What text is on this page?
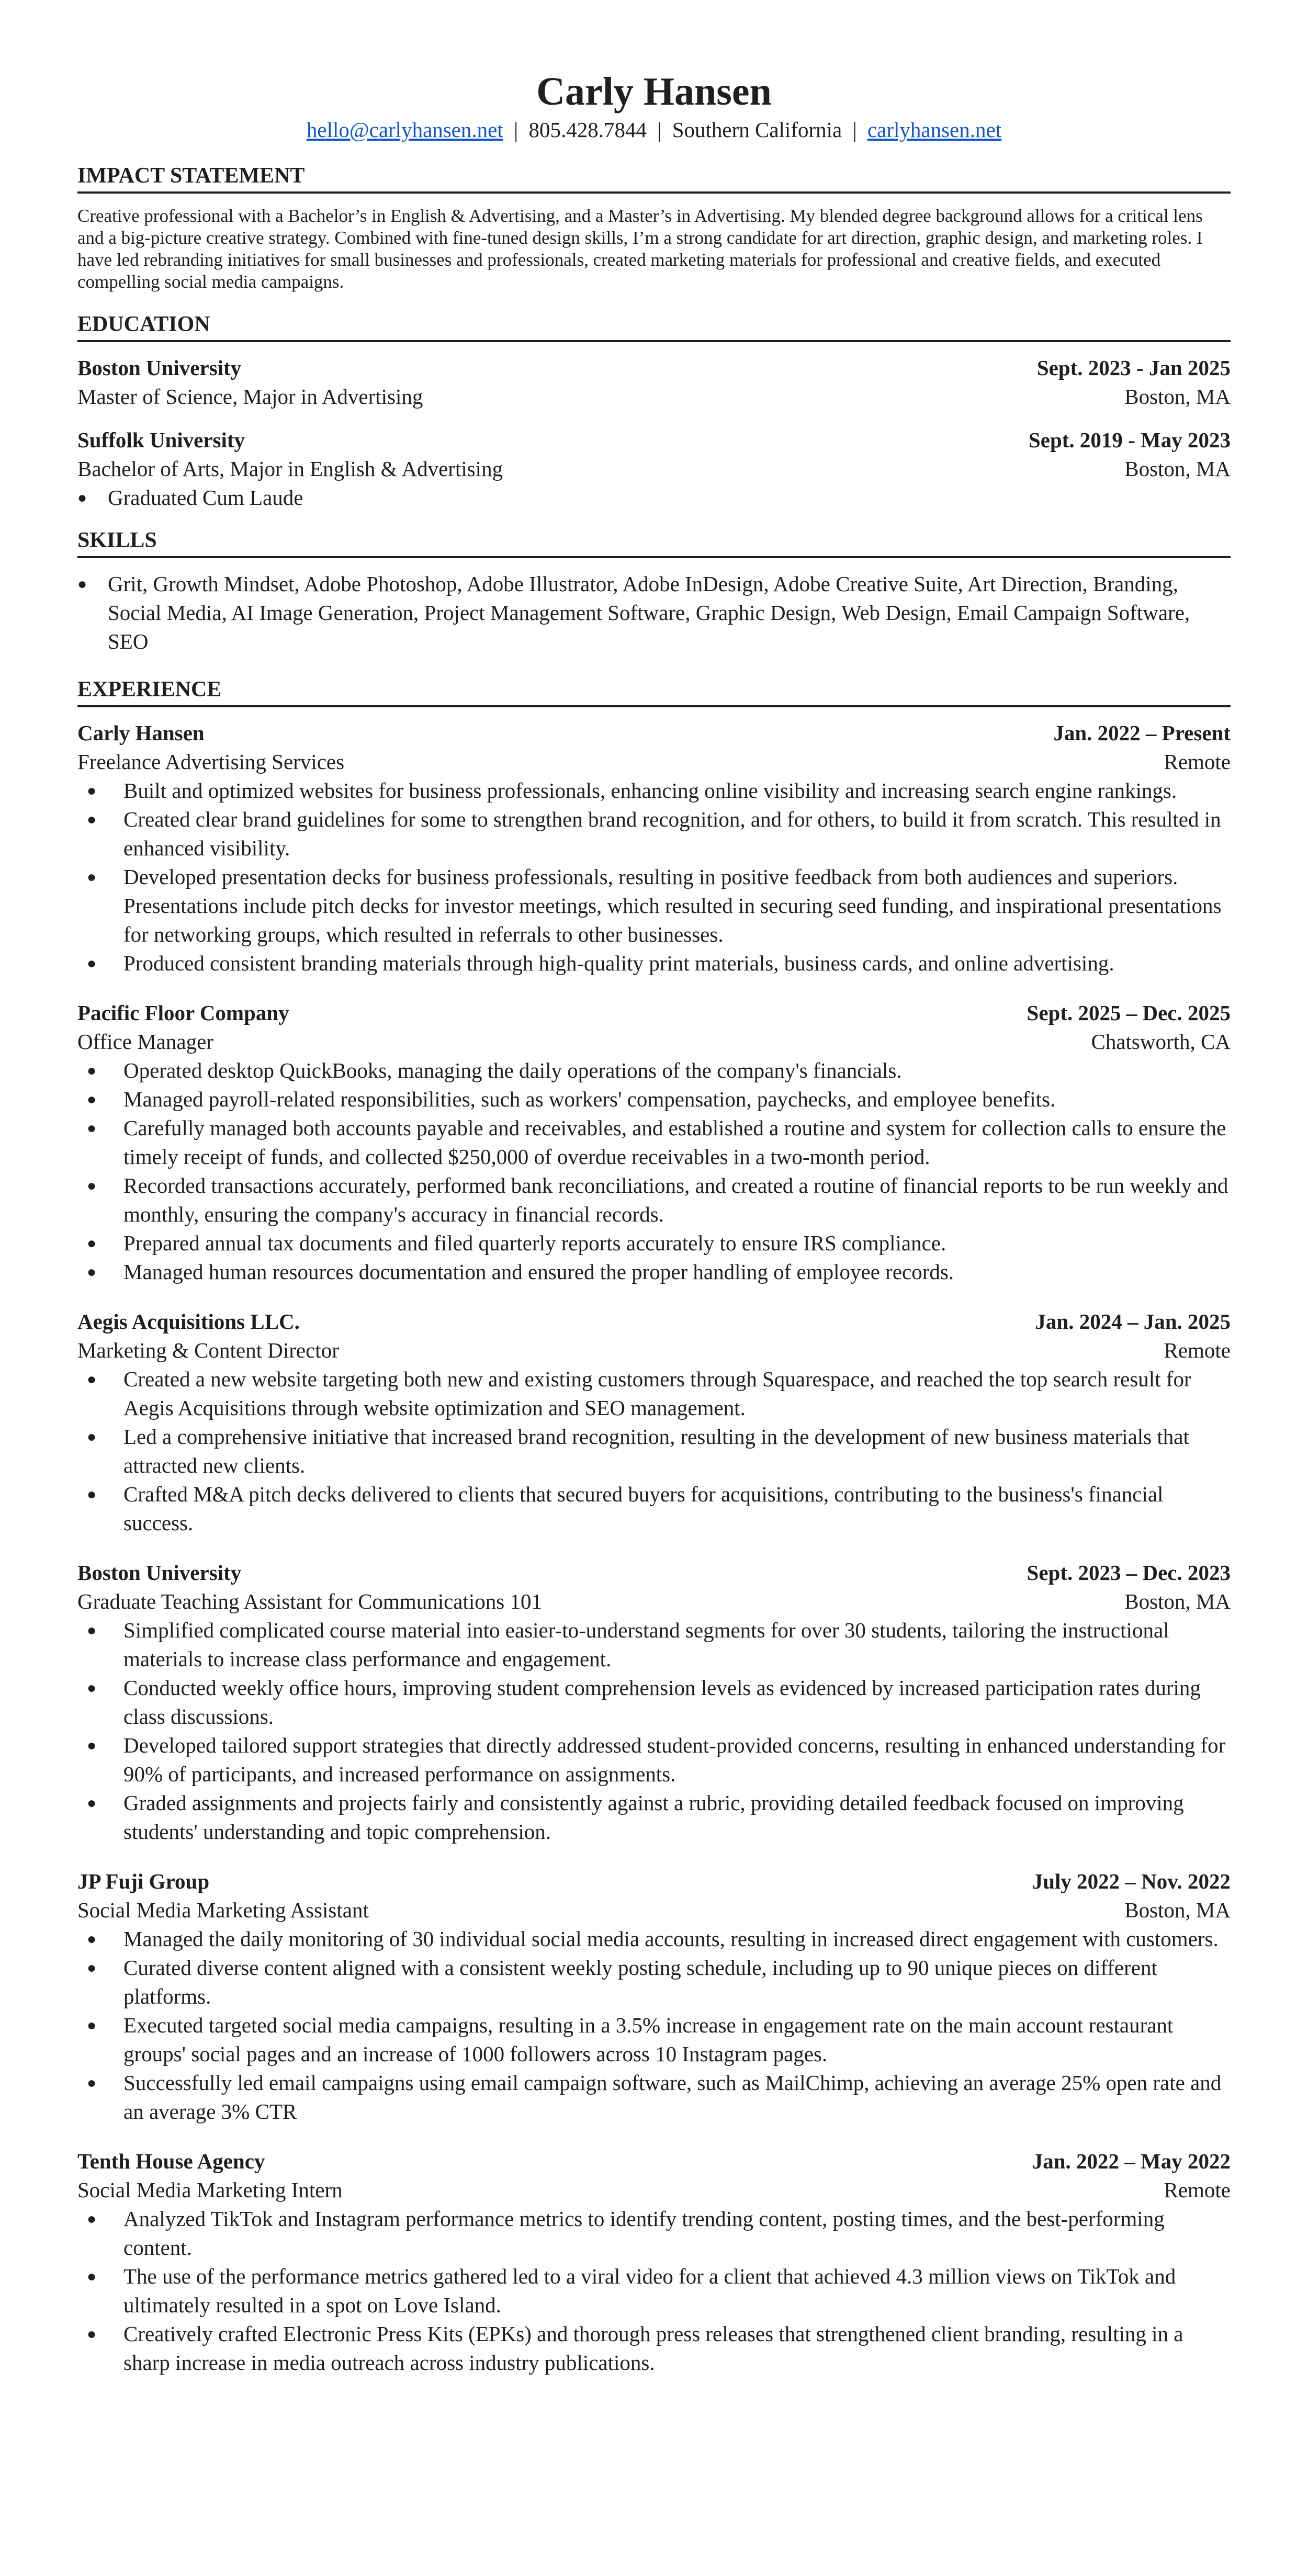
Carly Hansen
hello@carlyhansen.net | 805.428.7844 | Southern California | carlyhansen.net
IMPACT STATEMENT

Creative professional with a Bachelor’s in English & Advertising, and a Master’s in Advertising. My blended degree background allows for a critical lens and a big-picture creative strategy. Combined with fine-tuned design skills, I’m a strong candidate for art direction, graphic design, and marketing roles. I have led rebranding initiatives for small businesses and professionals, created marketing materials for professional and creative fields, and executed compelling social media campaigns.

EDUCATION
Boston University	Sept. 2023 - Jan 2025
Master of Science, Major in Advertising	Boston, MA
Suffolk University	Sept. 2019 - May 2023
Bachelor of Arts, Major in English & Advertising	Boston, MA
● Graduated Cum Laude
SKILLS
● Grit, Growth Mindset, Adobe Photoshop, Adobe Illustrator, Adobe InDesign, Adobe Creative Suite, Art Direction, Branding, Social Media, AI Image Generation, Project Management Software, Graphic Design, Web Design, Email Campaign Software, SEO
EXPERIENCE
Carly Hansen	Jan. 2022 – Present
Freelance Advertising Services	Remote
● Built and optimized websites for business professionals, enhancing online visibility and increasing search engine rankings.
● Created clear brand guidelines for some to strengthen brand recognition, and for others, to build it from scratch. This resulted in enhanced visibility.
● Developed presentation decks for business professionals, resulting in positive feedback from both audiences and superiors. Presentations include pitch decks for investor meetings, which resulted in securing seed funding, and inspirational presentations for networking groups, which resulted in referrals to other businesses.
● Produced consistent branding materials through high-quality print materials, business cards, and online advertising.
Pacific Floor Company	Sept. 2025 – Dec. 2025
Office Manager	Chatsworth, CA
● Operated desktop QuickBooks, managing the daily operations of the company's financials.
● Managed payroll-related responsibilities, such as workers' compensation, paychecks, and employee benefits.
● Carefully managed both accounts payable and receivables, and established a routine and system for collection calls to ensure the timely receipt of funds, and collected $250,000 of overdue receivables in a two-month period.
● Recorded transactions accurately, performed bank reconciliations, and created a routine of financial reports to be run weekly and monthly, ensuring the company's accuracy in financial records.
● Prepared annual tax documents and filed quarterly reports accurately to ensure IRS compliance.
● Managed human resources documentation and ensured the proper handling of employee records.
Aegis Acquisitions LLC.	Jan. 2024 – Jan. 2025
Marketing & Content Director	Remote
● Created a new website targeting both new and existing customers through Squarespace, and reached the top search result for Aegis Acquisitions through website optimization and SEO management.
● Led a comprehensive initiative that increased brand recognition, resulting in the development of new business materials that attracted new clients.
● Crafted M&A pitch decks delivered to clients that secured buyers for acquisitions, contributing to the business's financial success.
Boston University	Sept. 2023 – Dec. 2023
Graduate Teaching Assistant for Communications 101	Boston, MA
● Simplified complicated course material into easier-to-understand segments for over 30 students, tailoring the instructional materials to increase class performance and engagement.
● Conducted weekly office hours, improving student comprehension levels as evidenced by increased participation rates during class discussions.
● Developed tailored support strategies that directly addressed student-provided concerns, resulting in enhanced understanding for 90% of participants, and increased performance on assignments.
● Graded assignments and projects fairly and consistently against a rubric, providing detailed feedback focused on improving students' understanding and topic comprehension.
JP Fuji Group	July 2022 – Nov. 2022
Social Media Marketing Assistant	Boston, MA
● Managed the daily monitoring of 30 individual social media accounts, resulting in increased direct engagement with customers.
● Curated diverse content aligned with a consistent weekly posting schedule, including up to 90 unique pieces on different platforms.
● Executed targeted social media campaigns, resulting in a 3.5% increase in engagement rate on the main account restaurant groups' social pages and an increase of 1000 followers across 10 Instagram pages.
● Successfully led email campaigns using email campaign software, such as MailChimp, achieving an average 25% open rate and an average 3% CTR
Tenth House Agency	Jan. 2022 – May 2022
Social Media Marketing Intern	Remote
● Analyzed TikTok and Instagram performance metrics to identify trending content, posting times, and the best-performing content.
● The use of the performance metrics gathered led to a viral video for a client that achieved 4.3 million views on TikTok and ultimately resulted in a spot on Love Island.
● Creatively crafted Electronic Press Kits (EPKs) and thorough press releases that strengthened client branding, resulting in a sharp increase in media outreach across industry publications.
